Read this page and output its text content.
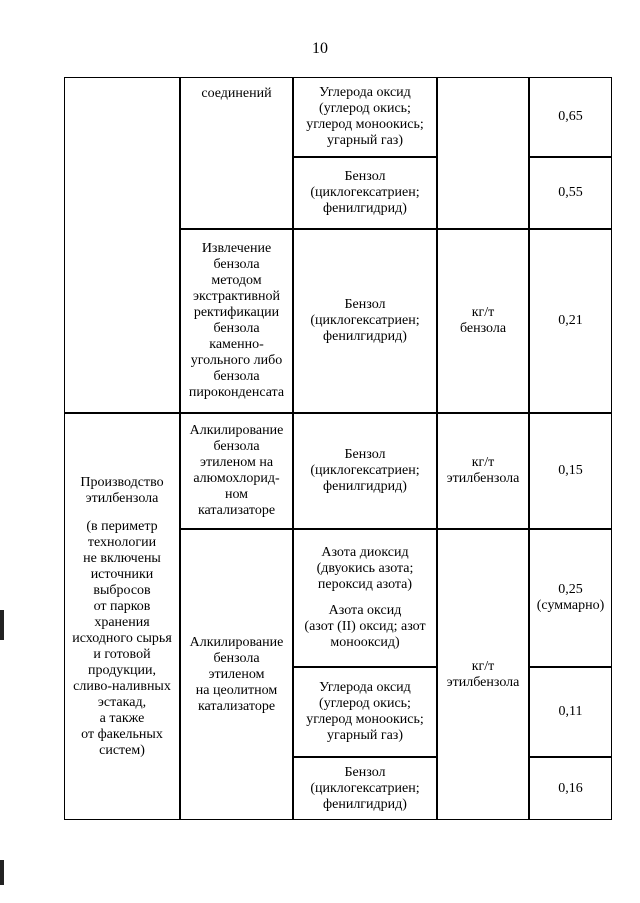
10
Производство
этилбензола
(в периметр
технологии
не включены
источники
выбросов
от парков
хранения
исходного сырья
и готовой
продукции,
сливо-наливных
эстакад,
а также
от факельных
систем)
соединений
Извлечение
бензола
методом
экстрактивной
ректификации
бензола
каменно-
угольного либо
бензола
пироконденсата
Алкилирование
бензола
этиленом на
алюмохлорид-
ном
катализаторе
Алкилирование
бензола
этиленом
на цеолитном
катализаторе
Углерода оксид
(углерод окись;
углерод моноокись;
угарный газ)
Бензол
(циклогексатриен;
фенилгидрид)
Бензол
(циклогексатриен;
фенилгидрид)
Бензол
(циклогексатриен;
фенилгидрид)
Азота диоксид
(двуокись азота;
пероксид азота)
Азота оксид
(азот (II) оксид; азот
монооксид)
Углерода оксид
(углерод окись;
углерод моноокись;
угарный газ)
Бензол
(циклогексатриен;
фенилгидрид)
кг/т
бензола
кг/т
этилбензола
кг/т
этилбензола
0,65
0,55
0,21
0,15
0,25
(суммарно)
0,11
0,16
